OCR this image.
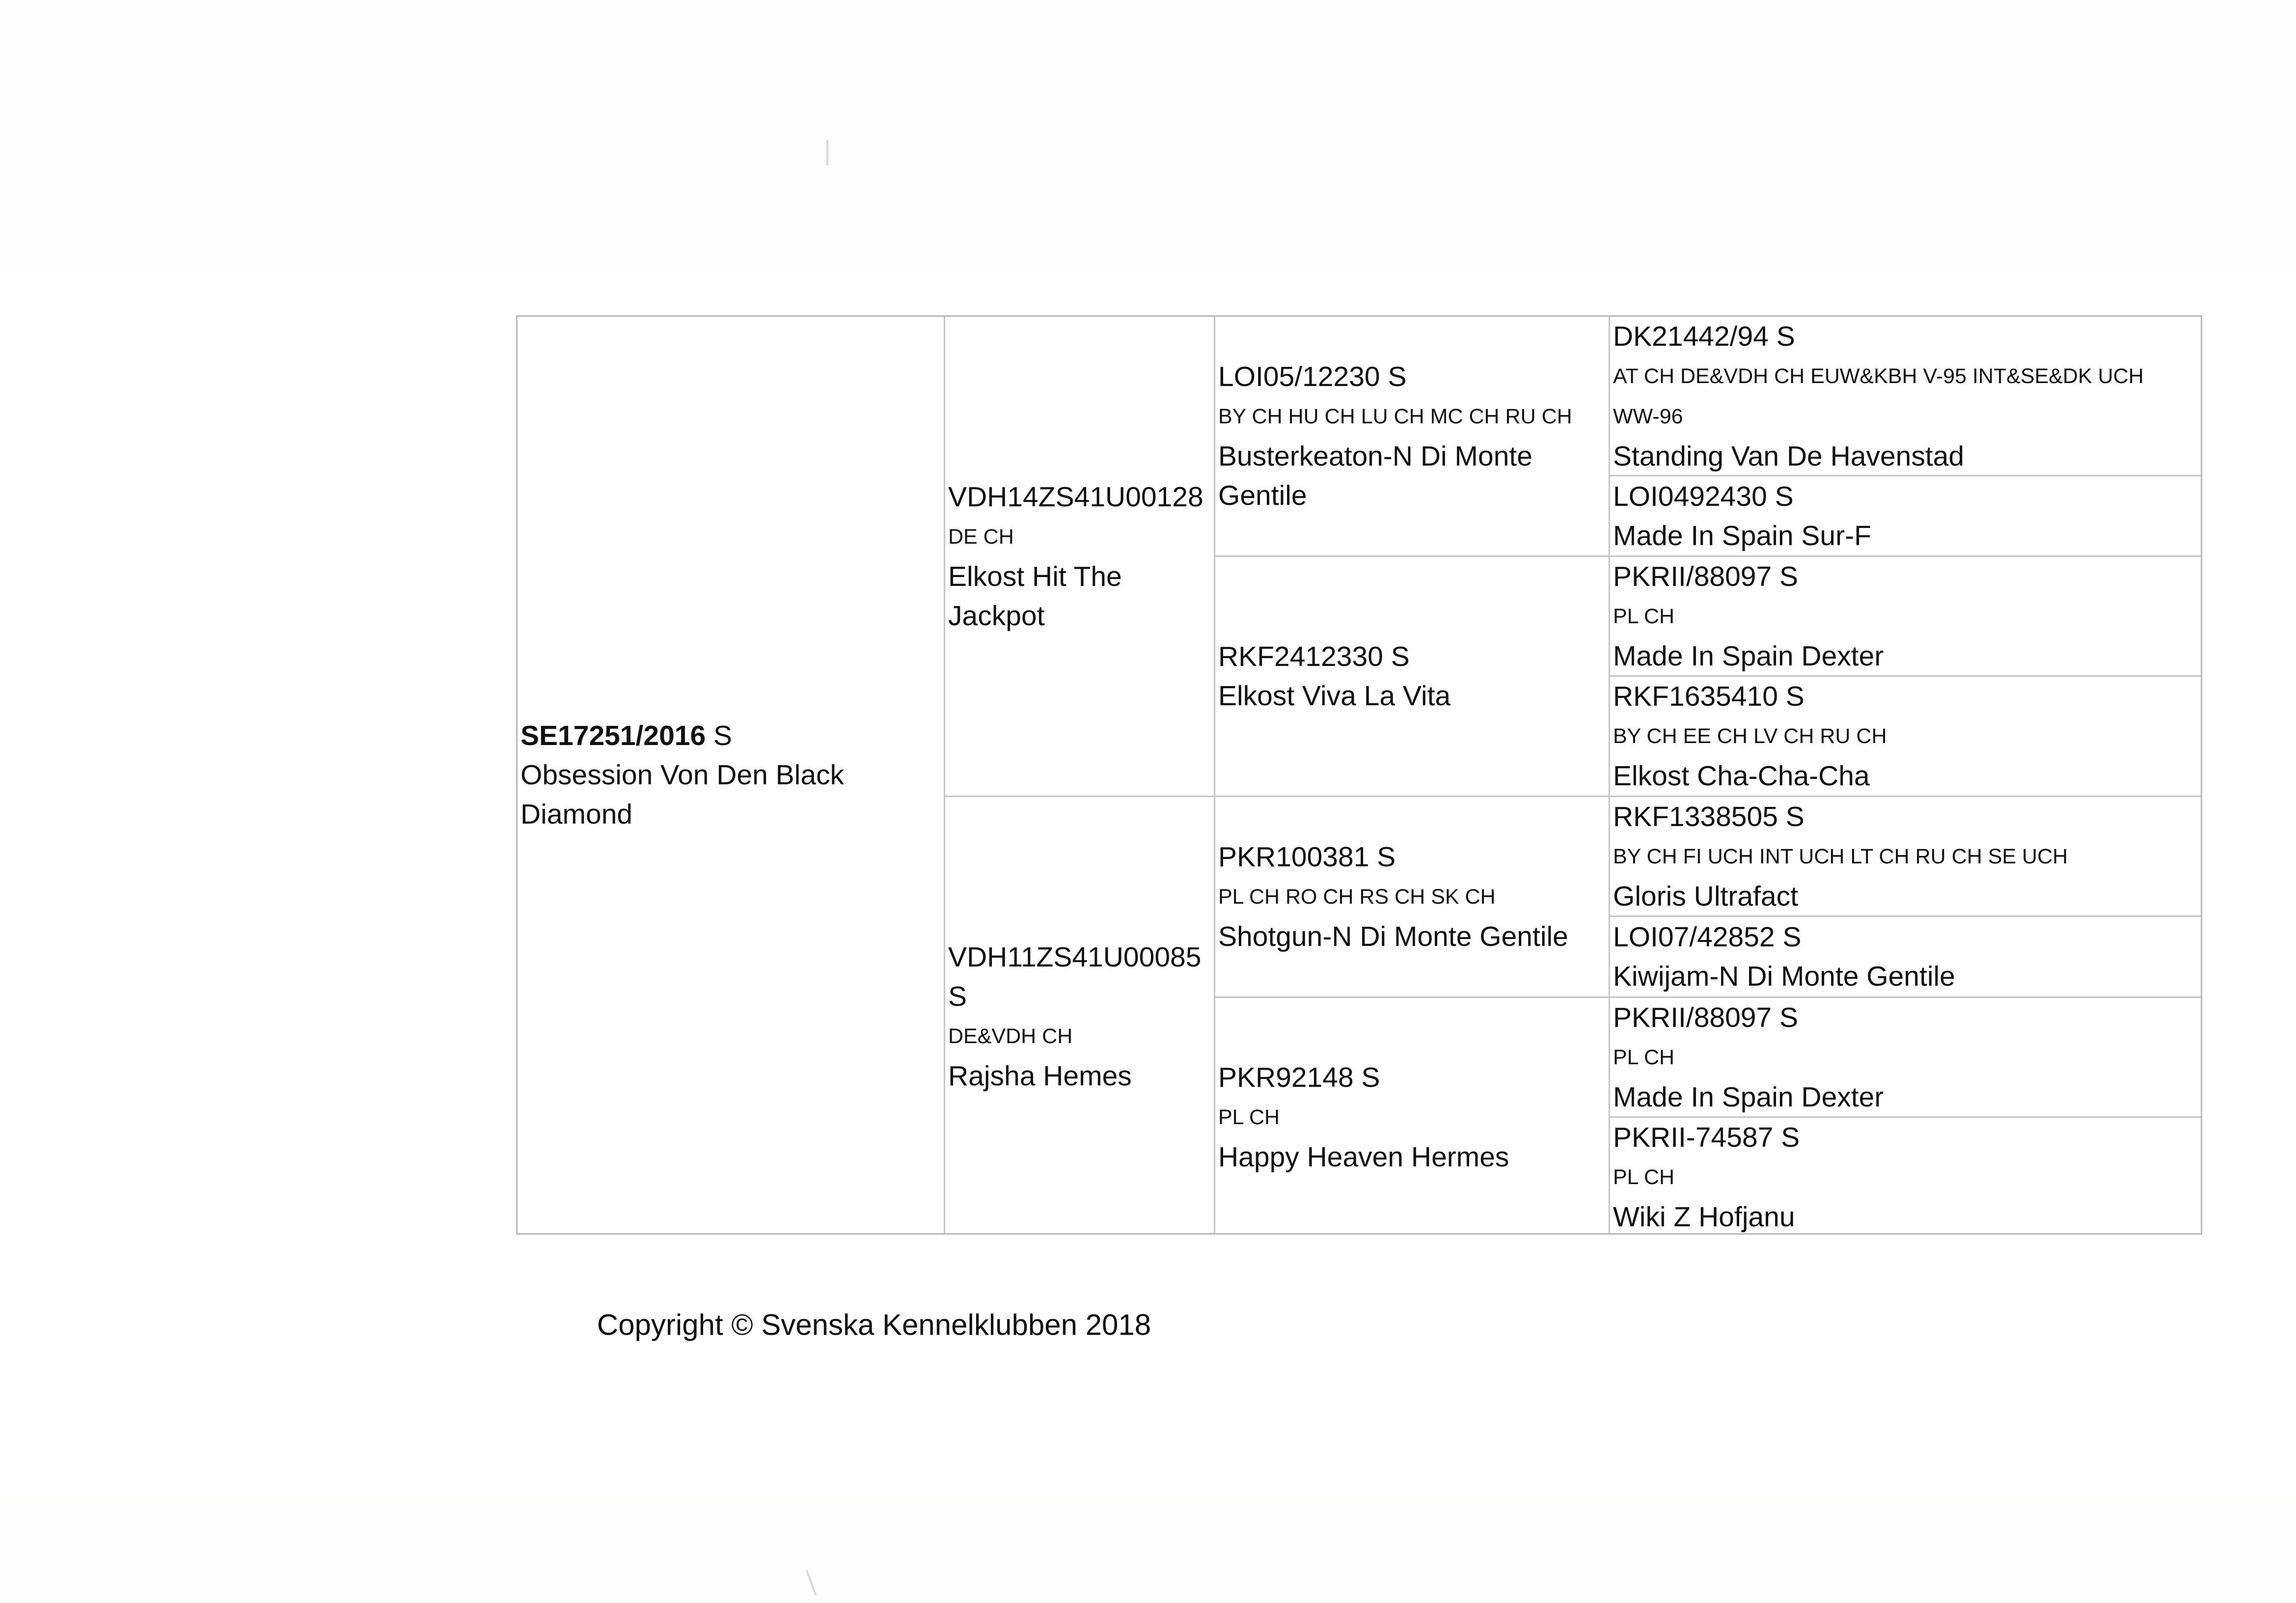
SE17251/2016 S
Obsession Von Den Black Diamond
VDH14ZS41U00128
DE CH
Elkost Hit The Jackpot
VDH11ZS41U00085 S
DE&VDH CH
Rajsha Hemes
LOI05/12230 S
BY CH HU CH LU CH MC CH RU CH
Busterkeaton-N Di Monte Gentile
RKF2412330 S
Elkost Viva La Vita
PKR100381 S
PL CH RO CH RS CH SK CH
Shotgun-N Di Monte Gentile
PKR92148 S
PL CH
Happy Heaven Hermes
DK21442/94 S
AT CH DE&VDH CH EUW&KBH V-95 INT&SE&DK UCH WW-96
Standing Van De Havenstad
LOI0492430 S
Made In Spain Sur-F
PKRII/88097 S
PL CH
Made In Spain Dexter
RKF1635410 S
BY CH EE CH LV CH RU CH
Elkost Cha-Cha-Cha
RKF1338505 S
BY CH FI UCH INT UCH LT CH RU CH SE UCH
Gloris Ultrafact
LOI07/42852 S
Kiwijam-N Di Monte Gentile
PKRII/88097 S
PL CH
Made In Spain Dexter
PKRII-74587 S
PL CH
Wiki Z Hofjanu
Copyright © Svenska Kennelklubben 2018
